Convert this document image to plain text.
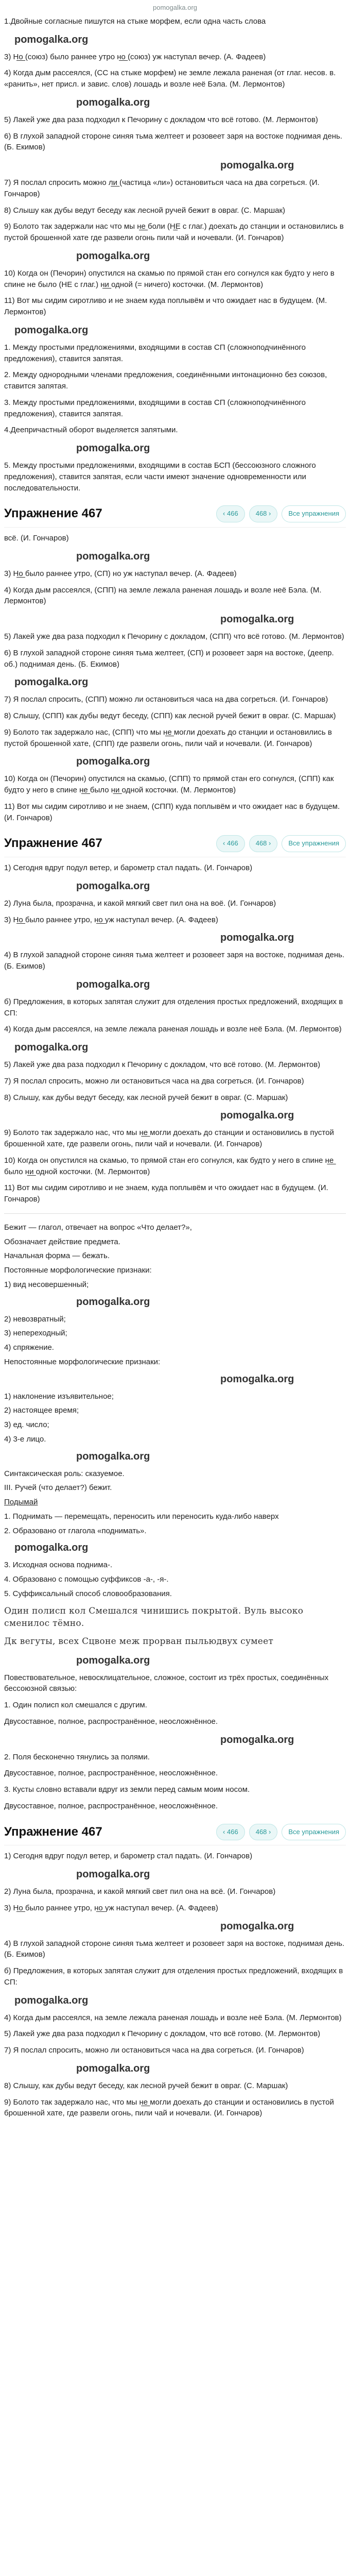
pomogalka.org

1.Двойные согласные пишутся на стыке морфем, если одна часть слова

pomogalka.org

3) Н̲о̲ (союз) было раннее утро н̲о̲ (союз) уж наступал вечер. (А. Фадеев)

4) Когда дым рассеялся, (СС на стыке морфем) не земле лежала раненая (от глаг. несов. в. «ранить», нет присл. и завис. слов) лошадь и возле неё Бэла. (М. Лермонтов)

pomogalka.org

5) Лакей уже два раза подходил к Печорину с докладом что всё готово. (М. Лермонтов)

6) В глухой западной стороне синяя тьма желтеет и розовеет заря на востоке поднимая день. (Б. Екимов)

pomogalka.org

7) Я послал спросить можно л̲и̲ (частица «ли») остановиться часа на два согреться. (И. Гончаров)

8) Слышу как дубы ведут беседу как лесной ручей бежит в овраг. (С. Маршак)

9) Болото так задержали нас что мы н̲е̲ боли (Н̲Е с глаг.) доехать до станции и остановились в пустой брошенной хате где развели огонь пили чай и ночевали. (И. Гончаров)

pomogalka.org

10) Когда он (Печорин) опустился на скамью по прямой стан его согнулся как будто у него в спине не было (НЕ с глаг.) н̲и̲ одной (= ничего) косточки. (М. Лермонтов)

11) Вот мы сидим сиротливо и не знаем куда поплывём и что ожидает нас в будущем. (М. Лермонтов)

pomogalka.org

1. Между простыми предложениями, входящими в состав СП (сложноподчинённого предложения), ставится запятая.

2. Между однородными членами предложения, соединёнными интонационно без союзов, ставится запятая.

3. Между простыми предложениями, входящими в состав СП (сложноподчинённого предложения), ставится запятая.

4.Деепричастный оборот выделяется запятыми.

pomogalka.org

5. Между простыми предложениями, входящими в состав БСП (бессоюзного сложного предложения), ставится запятая, если части имеют значение одновременности или последовательности.

Упражнение 467	‹ 466	468 ›	Все упражнения

всё. (И. Гончаров)

pomogalka.org

3) Н̲о̲ было раннее утро, (СП) но уж наступал вечер. (А. Фадеев)

4) Когда дым рассеялся, (СПП) на земле лежала раненая лошадь и возле неё Бэла. (М. Лермонтов)

pomogalka.org

5) Лакей уже два раза подходил к Печорину с докладом, (СПП) что всё готово. (М. Лермонтов)

6) В глухой западной стороне синяя тьма желтеет, (СП) и розовеет заря на востоке, (деепр. об.) поднимая день. (Б. Екимов)

pomogalka.org

7) Я послал спросить, (СПП) можно ли остановиться часа на два согреться. (И. Гончаров)

8) Слышу, (СПП) как дубы ведут беседу, (СПП) как лесной ручей бежит в овраг. (С. Маршак)

9) Болото так задержало нас, (СПП) что мы н̲е̲ могли доехать до станции и остановились в пустой брошенной хате, (СПП) где развели огонь, пили чай и ночевали. (И. Гончаров)

pomogalka.org

10) Когда он (Печорин) опустился на скамью, (СПП) то прямой стан его согнулся, (СПП) как будто у него в спине н̲е̲ было н̲и̲ одной косточки. (М. Лермонтов)

11) Вот мы сидим сиротливо и не знаем, (СПП) куда поплывём и что ожидает нас в будущем. (И. Гончаров)

Упражнение 467	‹ 466	468 ›	Все упражнения

1) Сегодня вдруг подул ветер, и барометр стал падать. (И. Гончаров)

pomogalka.org

2) Луна была, прозрачна, и какой мягкий свет пил она на воё. (И. Гончаров)

3) Н̲о̲ было раннее утро, н̲о̲ уж наступал вечер. (А. Фадеев)

pomogalka.org

4) В глухой западной стороне синяя тьма желтеет и розовеет заря на востоке, поднимая день. (Б. Екимов)

pomogalka.org

б) Предложения, в которых запятая служит для отделения простых предложений, входящих в СП:

4) Когда дым рассеялся, на земле лежала раненая лошадь и возле неё Бэла. (М. Лермонтов)

pomogalka.org

5) Лакей уже два раза подходил к Печорину с докладом, что всё готово. (М. Лермонтов)

7) Я послал спросить, можно ли остановиться часа на два согреться. (И. Гончаров)

8) Слышу, как дубы ведут беседу, как лесной ручей бежит в овраг. (С. Маршак)

pomogalka.org

9) Болото так задержало нас, что мы н̲е̲ могли доехать до станции и остановились в пустой брошенной хате, где развели огонь, пили чай и ночевали. (И. Гончаров)

10) Когда он опустился на скамью, то прямой стан его согнулся, как будто у него в спине н̲е̲ было н̲и̲ одной косточки. (М. Лермонтов)

11) Вот мы сидим сиротливо и не знаем, куда поплывём и что ожидает нас в будущем. (И. Гончаров)

Бежит — глагол, отвечает на вопрос «Что делает?»,

Обозначает действие предмета.

Начальная форма — бежать.

Постоянные морфологические признаки:

1) вид несовершенный;

pomogalka.org

2) невозвратный;

3) непереходный;

4) спряжение.

Непостоянные морфологические признаки:

pomogalka.org

1) наклонение изъявительное;

2) настоящее время;

3) ед. число;

4) 3-е лицо.

pomogalka.org

Синтаксическая роль: сказуемое.

III. Ручей (что делает?) бежит.

Подымай

1. Поднимать — перемещать, переносить или переносить куда-либо наверх

2. Образовано от глагола «поднимать».

pomogalka.org

3. Исходная основа поднима-.

4. Образовано с помощью суффиксов -а-, -я-.

5. Суффиксальный способ словообразования.

Один полисп кол Смешался чинишись покрытой. Вуль высоко сменилос тёмно.
Дк вегуты, всех Сцвоне меж прорван пыльюдвух сумеет
pomogalka.org

Повествовательное, невосклицательное, сложное, состоит из трёх простых, соединённых бессоюзной связью:

1. Один полисп кол смешался с другим.

Двусоставное, полное, распространённое, неосложнённое.

pomogalka.org

2. Поля бесконечно тянулись за полями.

Двусоставное, полное, распространённое, неосложнённое.

3. Кусты словно вставали вдруг из земли перед самым моим носом.

Двусоставное, полное, распространённое, неосложнённое.

Упражнение 467	‹ 466	468 ›	Все упражнения

1) Сегодня вдруг подул ветер, и барометр стал падать. (И. Гончаров)

pomogalka.org

2) Луна была, прозрачна, и какой мягкий свет пил она на всё. (И. Гончаров)

3) Н̲о̲ было раннее утро, н̲о̲ уж наступал вечер. (А. Фадеев)

pomogalka.org

4) В глухой западной стороне синяя тьма желтеет и розовеет заря на востоке, поднимая день. (Б. Екимов)

б) Предложения, в которых запятая служит для отделения простых предложений, входящих в СП:

pomogalka.org

4) Когда дым рассеялся, на земле лежала раненая лошадь и возле неё Бэла. (М. Лермонтов)

5) Лакей уже два раза подходил к Печорину с докладом, что всё готово. (М. Лермонтов)

7) Я послал спросить, можно ли остановиться часа на два согреться. (И. Гончаров)

pomogalka.org

8) Слышу, как дубы ведут беседу, как лесной ручей бежит в овраг. (С. Маршак)

9) Болото так задержало нас, что мы н̲е̲ могли доехать до станции и остановились в пустой брошенной хате, где развели огонь, пили чай и ночевали. (И. Гончаров)
